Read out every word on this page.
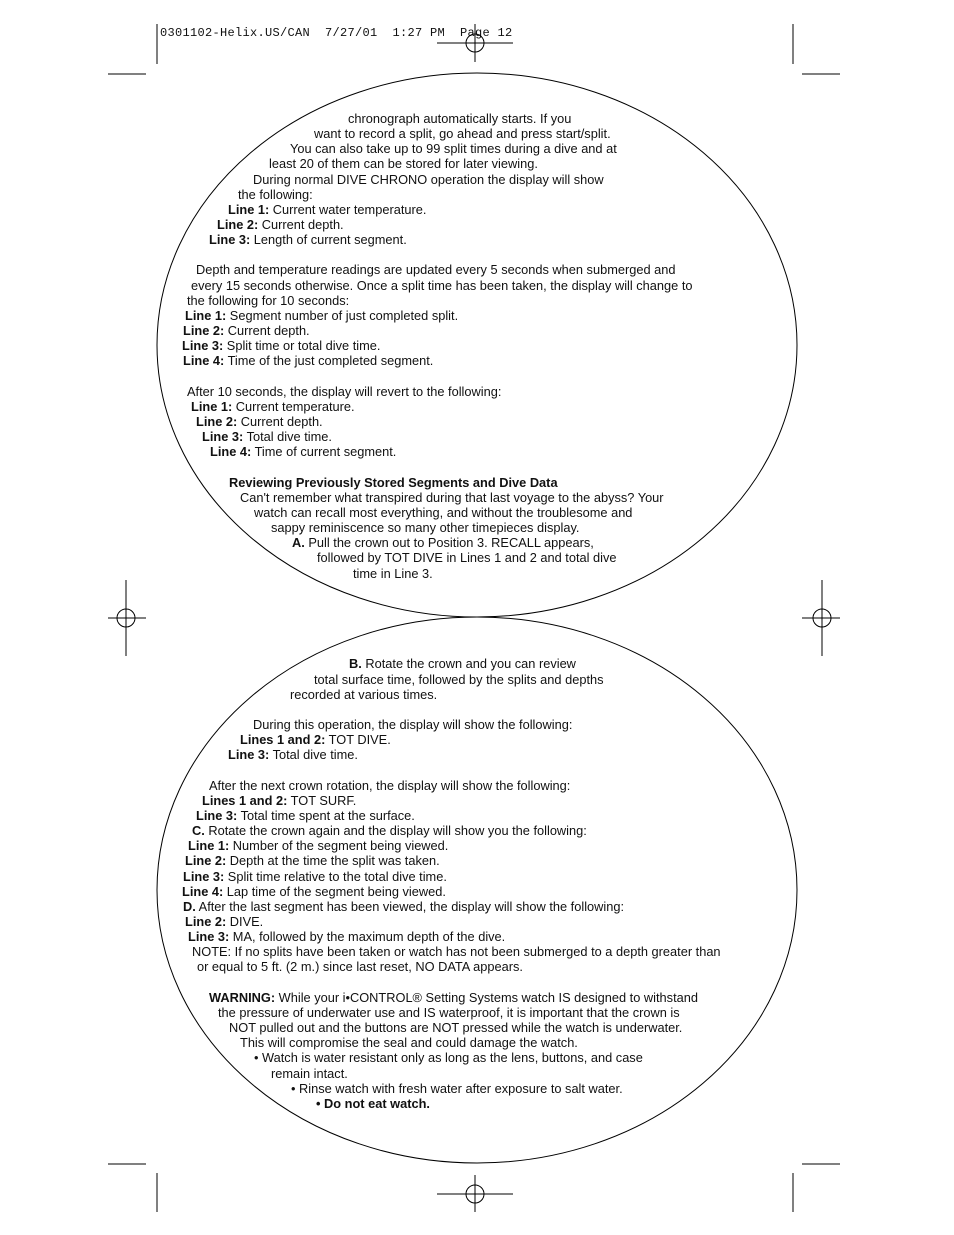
0301102-Helix.US/CAN  7/27/01  1:27 PM  Page 12
chronograph automatically starts. If you
want to record a split, go ahead and press start/split.
You can also take up to 99 split times during a dive and at
least 20 of them can be stored for later viewing.
During normal DIVE CHRONO operation the display will show
the following:
Line 1: Current water temperature.
Line 2: Current depth.
Line 3: Length of current segment.
Depth and temperature readings are updated every 5 seconds when submerged and
every 15 seconds otherwise. Once a split time has been taken, the display will change to
the following for 10 seconds:
Line 1: Segment number of just completed split.
Line 2: Current depth.
Line 3: Split time or total dive time.
Line 4: Time of the just completed segment.
After 10 seconds, the display will revert to the following:
Line 1: Current temperature.
Line 2: Current depth.
Line 3: Total dive time.
Line 4: Time of current segment.
Reviewing Previously Stored Segments and Dive Data
Can't remember what transpired during that last voyage to the abyss? Your
watch can recall most everything, and without the troublesome and
sappy reminiscence so many other timepieces display.
A. Pull the crown out to Position 3. RECALL appears,
followed by TOT DIVE in Lines 1 and 2 and total dive
time in Line 3.
B. Rotate the crown and you can review
total surface time, followed by the splits and depths
recorded at various times.
During this operation, the display will show the following:
Lines 1 and 2: TOT DIVE.
Line 3: Total dive time.
After the next crown rotation, the display will show the following:
Lines 1 and 2: TOT SURF.
Line 3: Total time spent at the surface.
C. Rotate the crown again and the display will show you the following:
Line 1: Number of the segment being viewed.
Line 2: Depth at the time the split was taken.
Line 3: Split time relative to the total dive time.
Line 4: Lap time of the segment being viewed.
D. After the last segment has been viewed, the display will show the following:
Line 2: DIVE.
Line 3: MA, followed by the maximum depth of the dive.
NOTE: If no splits have been taken or watch has not been submerged to a depth greater than
or equal to 5 ft. (2 m.) since last reset, NO DATA appears.
WARNING: While your i•CONTROL® Setting Systems watch IS designed to withstand
the pressure of underwater use and IS waterproof, it is important that the crown is
NOT pulled out and the buttons are NOT pressed while the watch is underwater.
This will compromise the seal and could damage the watch.
• Watch is water resistant only as long as the lens, buttons, and case
remain intact.
• Rinse watch with fresh water after exposure to salt water.
• Do not eat watch.
